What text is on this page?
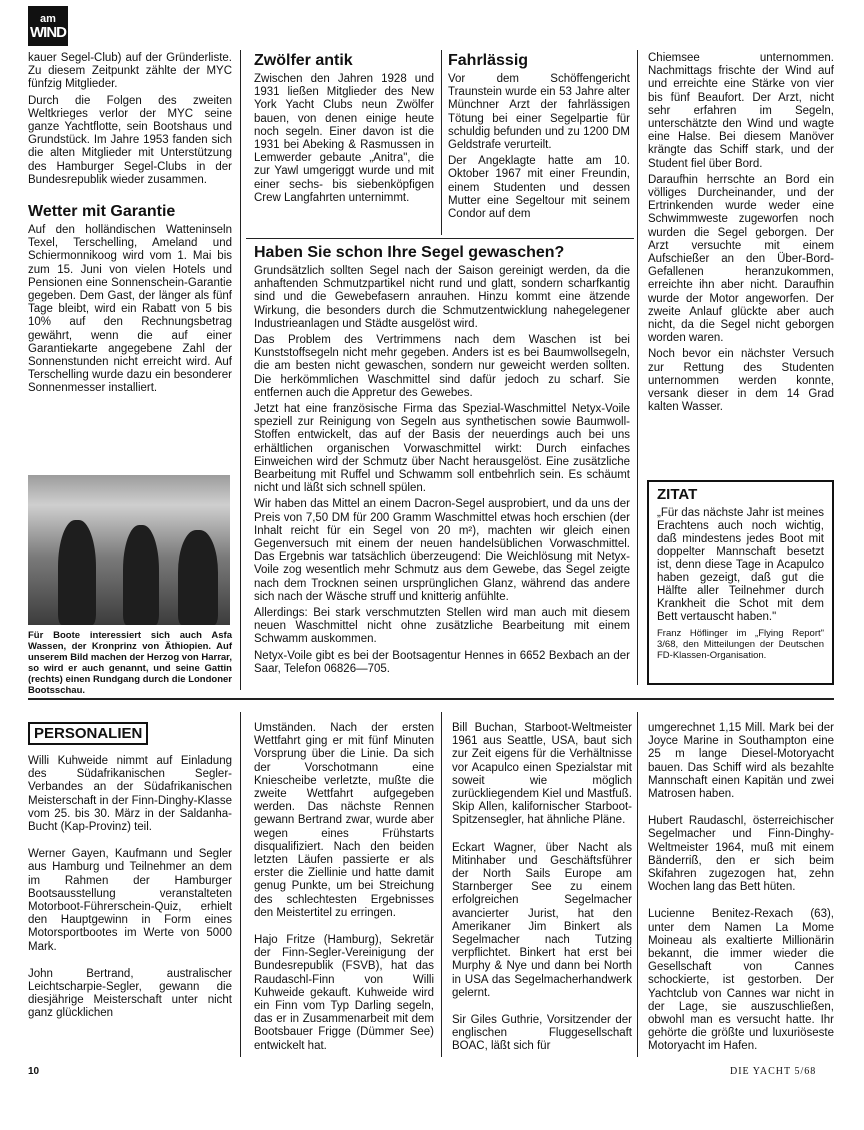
am
WIND

kauer Segel-Club) auf der Gründerliste. Zu diesem Zeitpunkt zählte der MYC fünfzig Mitglieder.

Durch die Folgen des zweiten Weltkrieges verlor der MYC seine ganze Yachtflotte, sein Bootshaus und Grundstück. Im Jahre 1953 fanden sich die alten Mitglieder mit Unterstützung des Hamburger Segel-Clubs in der Bundesrepublik wieder zusammen.

Wetter mit Garantie

Auf den holländischen Watteninseln Texel, Terschelling, Ameland und Schiermonnikoog wird vom 1. Mai bis zum 15. Juni von vielen Hotels und Pensionen eine Sonnenschein-Garantie gegeben. Dem Gast, der länger als fünf Tage bleibt, wird ein Rabatt von 5 bis 10% auf den Rechnungsbetrag gewährt, wenn die auf einer Garantiekarte angegebene Zahl der Sonnenstunden nicht erreicht wird. Auf Terschelling wurde dazu ein besonderer Sonnenmesser installiert.

Für Boote interessiert sich auch Asfa Wassen, der Kronprinz von Äthiopien. Auf unserem Bild machen der Herzog von Harrar, so wird er auch genannt, und seine Gattin (rechts) einen Rundgang durch die Londoner Bootsschau.

Zwölfer antik

Zwischen den Jahren 1928 und 1931 ließen Mitglieder des New York Yacht Clubs neun Zwölfer bauen, von denen einige heute noch segeln. Einer davon ist die 1931 bei Abeking & Rasmussen in Lemwerder gebaute „Anitra", die zur Yawl umgeriggt wurde und mit einer sechs- bis siebenköpfigen Crew Langfahrten unternimmt.

Fahrlässig

Vor dem Schöffengericht Traunstein wurde ein 53 Jahre alter Münchner Arzt der fahrlässigen Tötung bei einer Segelpartie für schuldig befunden und zu 1200 DM Geldstrafe verurteilt.

Der Angeklagte hatte am 10. Oktober 1967 mit einer Freundin, einem Studenten und dessen Mutter eine Segeltour mit seinem Condor auf dem

Chiemsee unternommen. Nachmittags frischte der Wind auf und erreichte eine Stärke von vier bis fünf Beaufort. Der Arzt, nicht sehr erfahren im Segeln, unterschätzte den Wind und wagte eine Halse. Bei diesem Manöver krängte das Schiff stark, und der Student fiel über Bord.

Daraufhin herrschte an Bord ein völliges Durcheinander, und der Ertrinkenden wurde weder eine Schwimmweste zugeworfen noch wurden die Segel geborgen. Der Arzt versuchte mit einem Aufschießer an den Über-Bord-Gefallenen heranzukommen, erreichte ihn aber nicht. Daraufhin wurde der Motor angeworfen. Der zweite Anlauf glückte aber auch nicht, da die Segel nicht geborgen worden waren.

Noch bevor ein nächster Versuch zur Rettung des Studenten unternommen werden konnte, versank dieser in dem 14 Grad kalten Wasser.

Haben Sie schon Ihre Segel gewaschen?

Grundsätzlich sollten Segel nach der Saison gereinigt werden, da die anhaftenden Schmutzpartikel nicht rund und glatt, sondern scharfkantig sind und die Gewebefasern anrauhen. Hinzu kommt eine ätzende Wirkung, die besonders durch die Schmutzentwicklung nahegelegener Industrieanlagen und Städte ausgelöst wird.

Das Problem des Vertrimmens nach dem Waschen ist bei Kunststoffsegeln nicht mehr gegeben. Anders ist es bei Baumwollsegeln, die am besten nicht gewaschen, sondern nur geweicht werden sollten. Die herkömmlichen Waschmittel sind dafür jedoch zu scharf. Sie entfernen auch die Appretur des Gewebes.

Jetzt hat eine französische Firma das Spezial-Waschmittel Netyx-Voile speziell zur Reinigung von Segeln aus synthetischen sowie Baumwoll-Stoffen entwickelt, das auf der Basis der neuerdings auch bei uns erhältlichen organischen Vorwaschmittel wirkt: Durch einfaches Einweichen wird der Schmutz über Nacht herausgelöst. Eine zusätzliche Bearbeitung mit Ruffel und Schwamm soll entbehrlich sein. Es schäumt nicht und läßt sich schnell spülen.

Wir haben das Mittel an einem Dacron-Segel ausprobiert, und da uns der Preis von 7,50 DM für 200 Gramm Waschmittel etwas hoch erschien (der Inhalt reicht für ein Segel von 20 m²), machten wir gleich einen Gegenversuch mit einem der neuen handelsüblichen Vorwaschmittel. Das Ergebnis war tatsächlich überzeugend: Die Weichlösung mit Netyx-Voile zog wesentlich mehr Schmutz aus dem Gewebe, das Segel zeigte nach dem Trocknen seinen ursprünglichen Glanz, während das andere sich nach der Wäsche struff und knitterig anfühlte.

Allerdings: Bei stark verschmutzten Stellen wird man auch mit diesem neuen Waschmittel nicht ohne zusätzliche Bearbeitung mit einem Schwamm auskommen.

Netyx-Voile gibt es bei der Bootsagentur Hennes in 6652 Bexbach an der Saar, Telefon 06826—705.

ZITAT
„Für das nächste Jahr ist meines Erachtens auch noch wichtig, daß mindestens jedes Boot mit doppelter Mannschaft besetzt ist, denn diese Tage in Acapulco haben gezeigt, daß gut die Hälfte aller Teilnehmer durch Krankheit die Schot mit dem Bett vertauscht haben."
Franz Höflinger im „Flying Report" 3/68, den Mitteilungen der Deutschen FD-Klassen-Organisation.
PERSONALIEN

Willi Kuhweide nimmt auf Einladung des Südafrikanischen Segler-Verbandes an der Südafrikanischen Meisterschaft in der Finn-Dinghy-Klasse vom 25. bis 30. März in der Saldanha-Bucht (Kap-Provinz) teil.

Werner Gayen, Kaufmann und Segler aus Hamburg und Teilnehmer an dem im Rahmen der Hamburger Bootsausstellung veranstalteten Motorboot-Führerschein-Quiz, erhielt den Hauptgewinn in Form eines Motorsportbootes im Werte von 5000 Mark.

John Bertrand, australischer Leichtscharpie-Segler, gewann die diesjährige Meisterschaft unter nicht ganz glücklichen

Umständen. Nach der ersten Wettfahrt ging er mit fünf Minuten Vorsprung über die Linie. Da sich der Vorschotmann eine Kniescheibe verletzte, mußte die zweite Wettfahrt aufgegeben werden. Das nächste Rennen gewann Bertrand zwar, wurde aber wegen eines Frühstarts disqualifiziert. Nach den beiden letzten Läufen passierte er als erster die Ziellinie und hatte damit genug Punkte, um bei Streichung des schlechtesten Ergebnisses den Meistertitel zu erringen.

Hajo Fritze (Hamburg), Sekretär der Finn-Segler-Vereinigung der Bundesrepublik (FSVB), hat das Raudaschl-Finn von Willi Kuhweide gekauft. Kuhweide wird ein Finn vom Typ Darling segeln, das er in Zusammenarbeit mit dem Bootsbauer Frigge (Dümmer See) entwickelt hat.

Bill Buchan, Starboot-Weltmeister 1961 aus Seattle, USA, baut sich zur Zeit eigens für die Verhältnisse vor Acapulco einen Spezialstar mit soweit wie möglich zurückliegendem Kiel und Mastfuß. Skip Allen, kalifornischer Starboot-Spitzensegler, hat ähnliche Pläne.

Eckart Wagner, über Nacht als Mitinhaber und Geschäftsführer der North Sails Europe am Starnberger See zu einem erfolgreichen Segelmacher avancierter Jurist, hat den Amerikaner Jim Binkert als Segelmacher nach Tutzing verpflichtet. Binkert hat erst bei Murphy & Nye und dann bei North in USA das Segelmacherhandwerk gelernt.

Sir Giles Guthrie, Vorsitzender der englischen Fluggesellschaft BOAC, läßt sich für

umgerechnet 1,15 Mill. Mark bei der Joyce Marine in Southampton eine 25 m lange Diesel-Motoryacht bauen. Das Schiff wird als bezahlte Mannschaft einen Kapitän und zwei Matrosen haben.

Hubert Raudaschl, österreichischer Segelmacher und Finn-Dinghy-Weltmeister 1964, muß mit einem Bänderriß, den er sich beim Skifahren zugezogen hat, zehn Wochen lang das Bett hüten.

Lucienne Benitez-Rexach (63), unter dem Namen La Mome Moineau als exaltierte Millionärin bekannt, die immer wieder die Gesellschaft von Cannes schockierte, ist gestorben. Der Yachtclub von Cannes war nicht in der Lage, sie auszuschließen, obwohl man es versucht hatte. Ihr gehörte die größte und luxuriöseste Motoryacht im Hafen.

10	DIE YACHT 5/68
